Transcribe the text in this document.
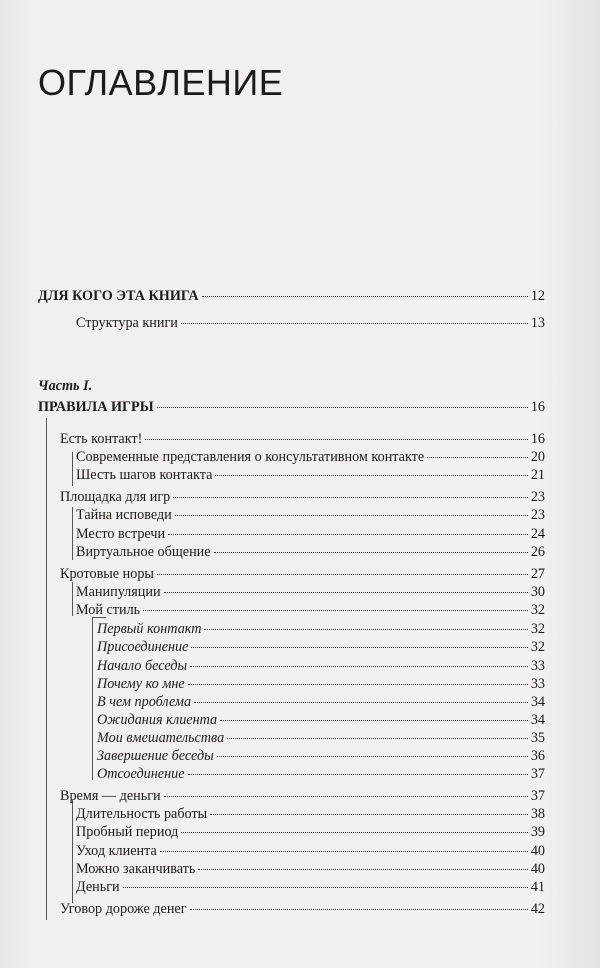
ОГЛАВЛЕНИЕ
ДЛЯ КОГО ЭТА КНИГА	12
Структура книги	13
Часть I.
ПРАВИЛА ИГРЫ	16
Есть контакт!	16
Современные представления о консультативном контакте	20
Шесть шагов контакта	21
Площадка для игр	23
Тайна исповеди	23
Место встречи	24
Виртуальное общение	26
Кротовые норы	27
Манипуляции	30
Мой стиль	32
Первый контакт	32
Присоединение	32
Начало беседы	33
Почему ко мне	33
В чем проблема	34
Ожидания клиента	34
Мои вмешательства	35
Завершение беседы	36
Отсоединение	37
Время — деньги	37
Длительность работы	38
Пробный период	39
Уход клиента	40
Можно заканчивать	40
Деньги	41
Уговор дороже денег	42
